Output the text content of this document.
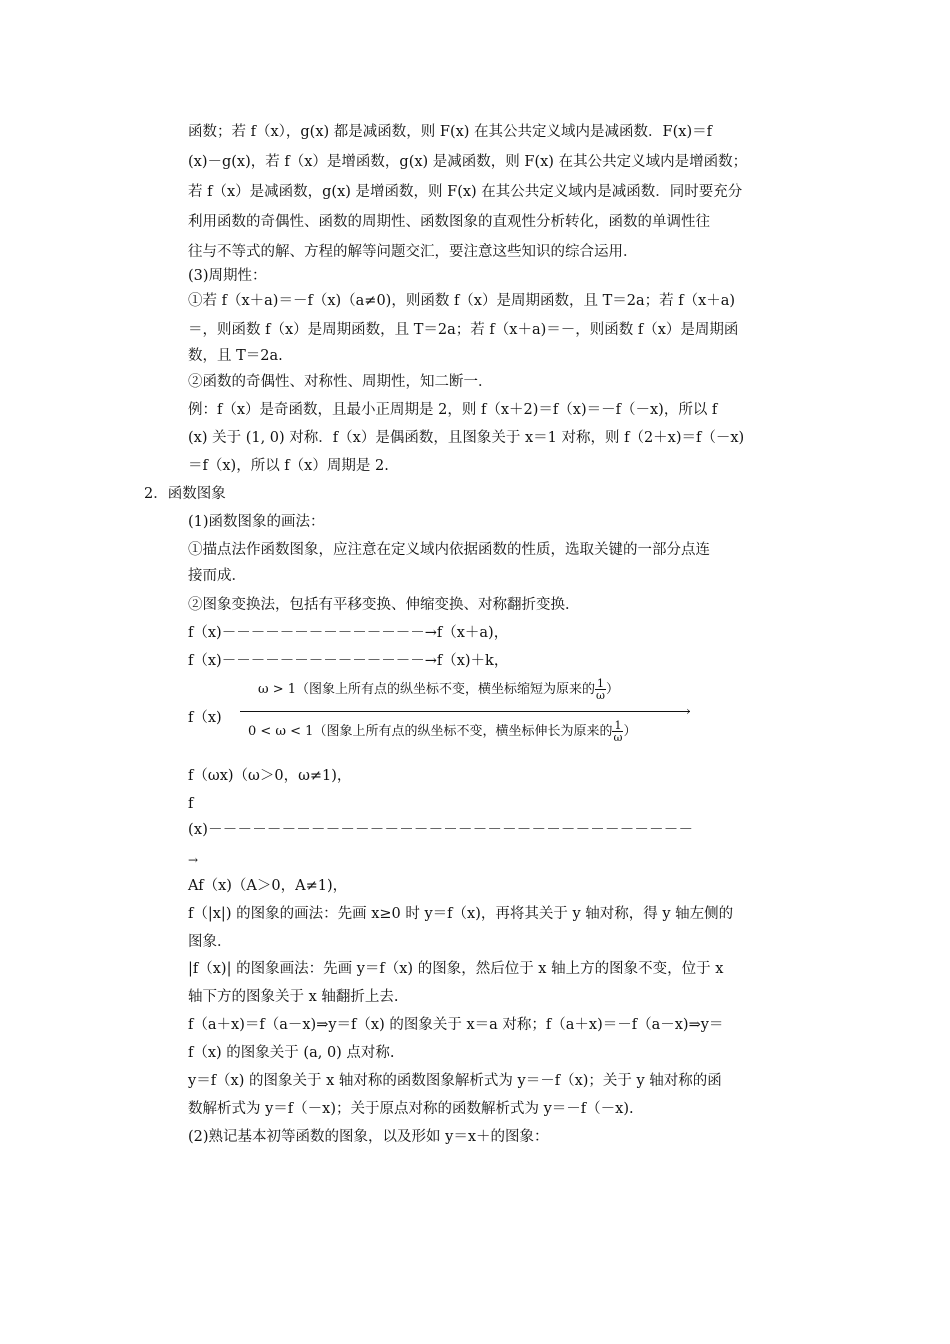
函数；若 f（x），g(x) 都是减函数，则 F(x) 在其公共定义域内是减函数．F(x)＝f
(x)－g(x)，若 f（x）是增函数，g(x) 是减函数，则 F(x) 在其公共定义域内是增函数；
若 f（x）是减函数，g(x) 是增函数，则 F(x) 在其公共定义域内是减函数．同时要充分
利用函数的奇偶性、函数的周期性、函数图象的直观性分析转化，函数的单调性往
往与不等式的解、方程的解等问题交汇，要注意这些知识的综合运用．
(3)周期性：
①若 f（x＋a)＝－f（x)（a≠0)，则函数 f（x）是周期函数，且 T＝2a；若 f（x＋a)
＝，则函数 f（x）是周期函数，且 T＝2a；若 f（x＋a)＝－，则函数 f（x）是周期函
数，且 T＝2a.
②函数的奇偶性、对称性、周期性，知二断一．
例：f（x）是奇函数，且最小正周期是 2，则 f（x＋2)＝f（x)＝－f（－x)，所以 f
(x) 关于 (1, 0) 对称．f（x）是偶函数，且图象关于 x＝1 对称，则 f（2＋x)＝f（－x)
＝f（x)，所以 f（x）周期是 2.
2．函数图象
(1)函数图象的画法：
①描点法作函数图象，应注意在定义域内依据函数的性质，选取关键的一部分点连
接而成．
②图象变换法，包括有平移变换、伸缩变换、对称翻折变换．
f（x)－－－－－－－－－－－－－－→f（x＋a)，
f（x)－－－－－－－－－－－－－－→f（x)＋k，
f（x)
ω > 1（图象上所有点的纵坐标不变，横坐标缩短为原来的 $\frac{1}{\omega}$ ）
›
0 < ω < 1（图象上所有点的纵坐标不变，横坐标伸长为原来的 $\frac{1}{\omega}$ ）
f（ωx)（ω＞0，ω≠1)，
f
(x)－－－－－－－－－－－－－－－－－－－－－－－－－－－－－－－－－
→
Af（x)（A＞0，A≠1)，
f（|x|) 的图象的画法：先画 x≥0 时 y＝f（x)，再将其关于 y 轴对称，得 y 轴左侧的
图象．
|f（x)| 的图象画法：先画 y＝f（x) 的图象，然后位于 x 轴上方的图象不变，位于 x
轴下方的图象关于 x 轴翻折上去.
f（a＋x)＝f（a－x)⇒y＝f（x) 的图象关于 x＝a 对称；f（a＋x)＝－f（a－x)⇒y＝
f（x) 的图象关于 (a, 0) 点对称.
y＝f（x) 的图象关于 x 轴对称的函数图象解析式为 y＝－f（x)；关于 y 轴对称的函
数解析式为 y＝f（－x)；关于原点对称的函数解析式为 y＝－f（－x).
(2)熟记基本初等函数的图象，以及形如 y＝x＋的图象：
